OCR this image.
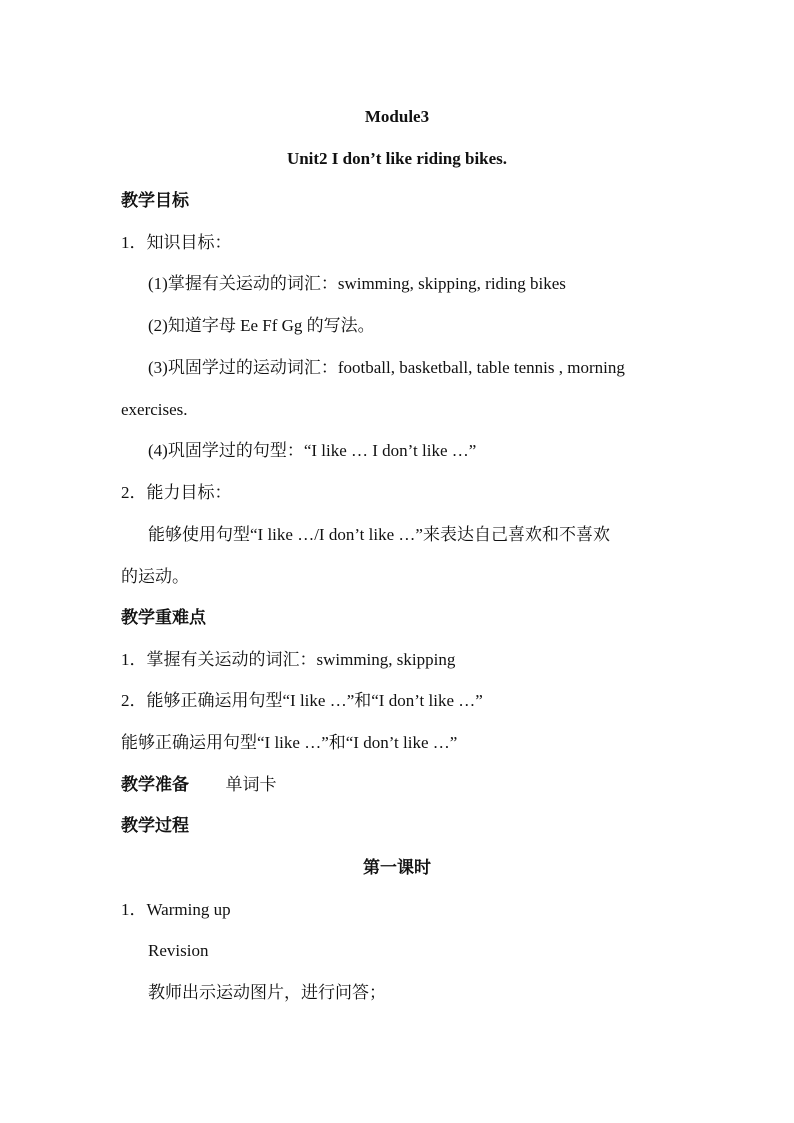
Module3
Unit2 I don’t like riding bikes.
教学目标
1．知识目标：
(1)掌握有关运动的词汇：swimming, skipping, riding bikes
(2)知道字母 Ee Ff Gg 的写法。
(3)巩固学过的运动词汇：football, basketball, table tennis , morning
exercises.
(4)巩固学过的句型：“I like … I don’t like …”
2．能力目标：
能够使用句型“I like …/I don’t like …”来表达自己喜欢和不喜欢
的运动。
教学重难点
1．掌握有关运动的词汇：swimming, skipping
2．能够正确运用句型“I like …”和“I don’t like …”
能够正确运用句型“I like …”和“I don’t like …”
教学准备 单词卡
教学过程
第一课时
1．Warming up
Revision
教师出示运动图片，进行问答；
